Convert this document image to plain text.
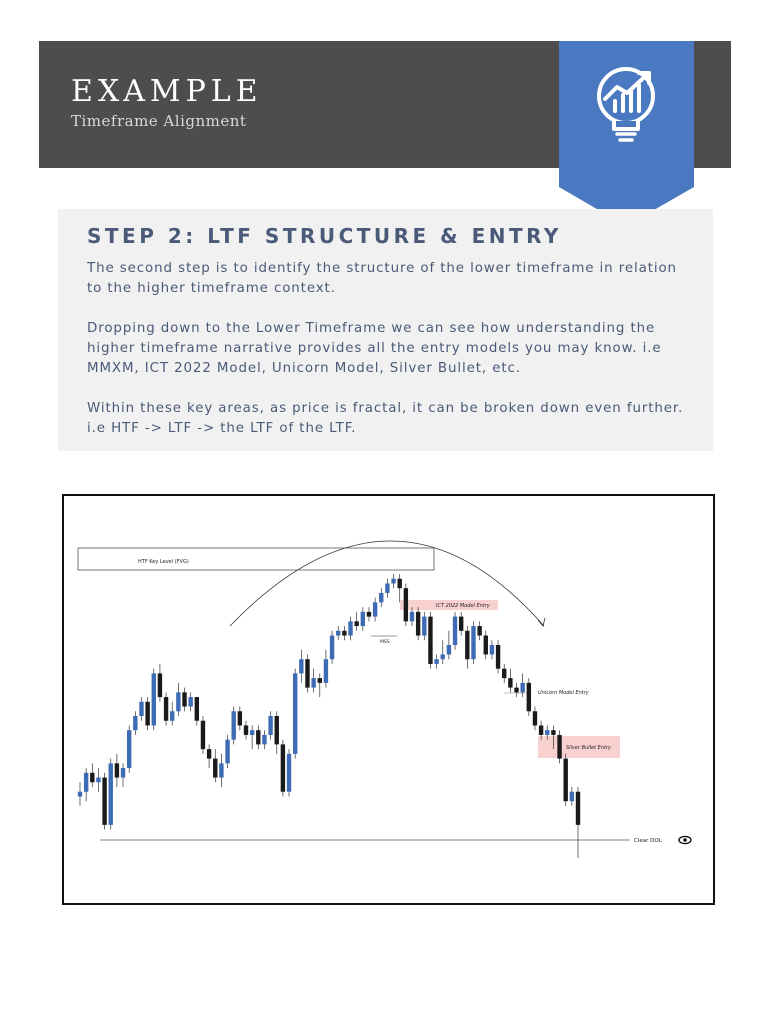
EXAMPLE
Timeframe Alignment
STEP 2: LTF STRUCTURE & ENTRY

The second step is to identify the structure of the lower timeframe in relation to the higher timeframe context.

Dropping down to the Lower Timeframe we can see how understanding the higher timeframe narrative provides all the entry models you may know. i.e MMXM, ICT 2022 Model, Unicorn Model, Silver Bullet, etc.

Within these key areas, as price is fractal, it can be broken down even further. i.e HTF -> LTF -> the LTF of the LTF.

HTF Key Level (FVG)
ICT 2022 Model Entry
Silver Bullet Entry
Unicorn Model Entry
MSS
Clear DOL
